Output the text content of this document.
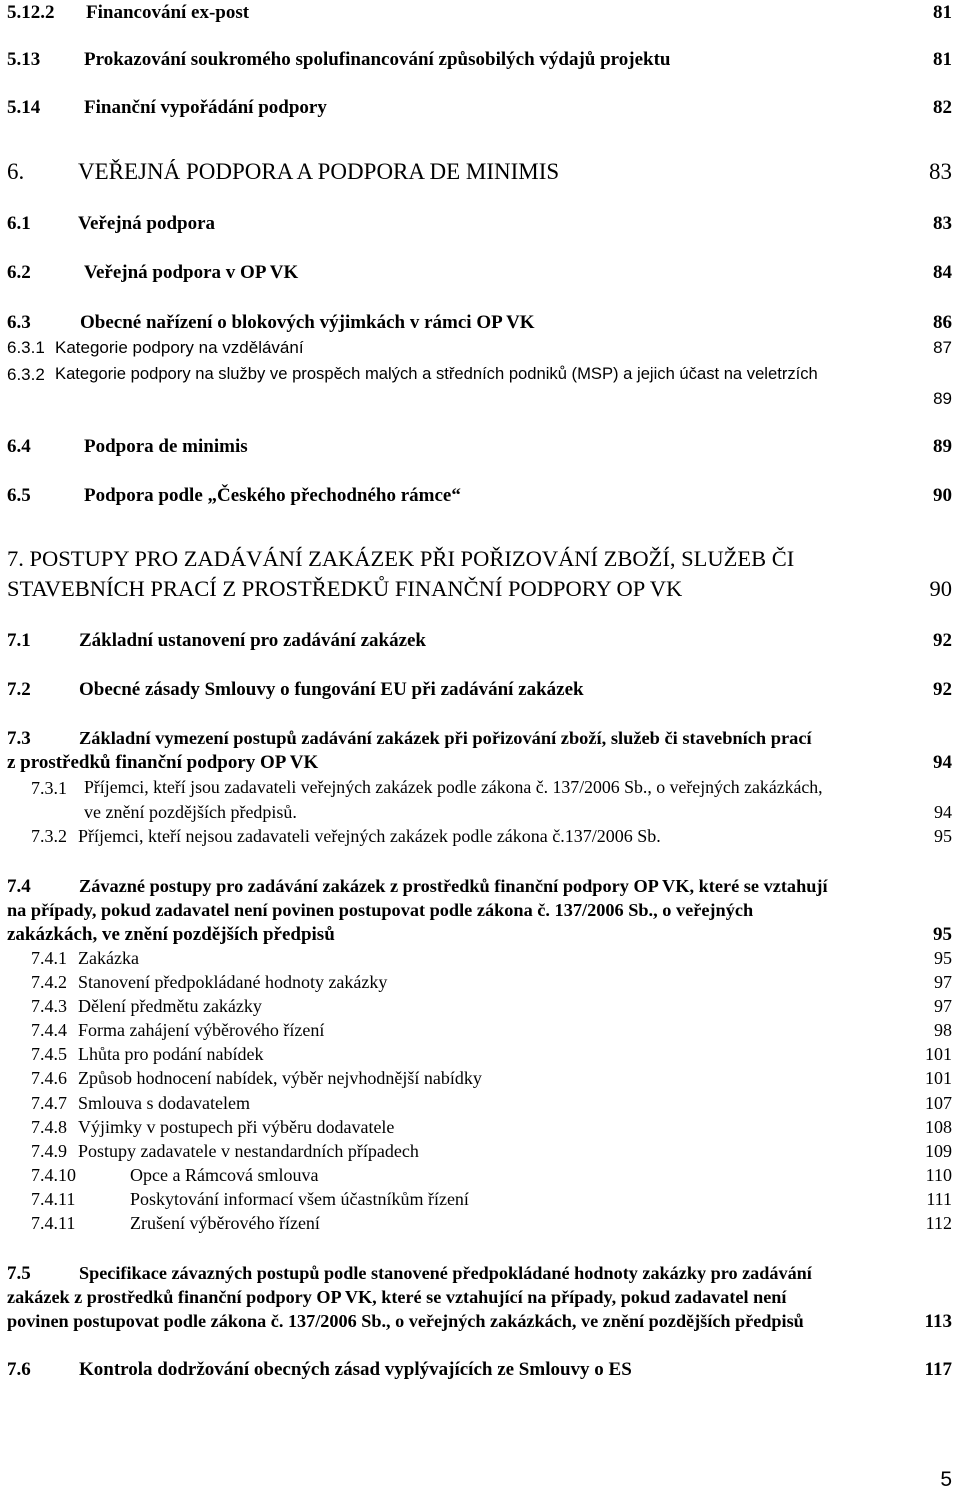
5.12.2 Financování ex-post	81
5.13 Prokazování soukromého spolufinancování způsobilých výdajů projektu	81
5.14 Finanční vypořádání podpory	82
6. VEŘEJNÁ PODPORA A PODPORA DE MINIMIS	83
6.1 Veřejná podpora	83
6.2	Veřejná podpora v OP VK	84
6.3	Obecné nařízení o blokových výjimkách v rámci OP VK	86
6.3.1 Kategorie podpory na vzdělávání	87
6.3.2 Kategorie podpory na služby ve prospěch malých a středních podniků (MSP) a jejich účast na veletrzích
89
6.4	Podpora de minimis	89
6.5	Podpora podle „Českého přechodného rámce“	90
7. POSTUPY PRO ZADÁVÁNÍ ZAKÁZEK PŘI POŘIZOVÁNÍ ZBOŽÍ, SLUŽEB ČI
STAVEBNÍCH PRACÍ Z PROSTŘEDKŮ FINANČNÍ PODPORY OP VK	90
7.1	Základní ustanovení pro zadávání zakázek	92
7.2	Obecné zásady Smlouvy o fungování EU při zadávání zakázek	92
7.3	Základní vymezení postupů zadávání zakázek při pořizování zboží, služeb či stavebních prací
z prostředků finanční podpory OP VK	94
7.3.1 Příjemci, kteří jsou zadavateli veřejných zakázek podle zákona č. 137/2006 Sb., o veřejných zakázkách,
ve znění pozdějších předpisů.	94
7.3.2 Příjemci, kteří nejsou zadavateli veřejných zakázek podle zákona č.137/2006 Sb.	95
7.4	Závazné postupy pro zadávání zakázek z prostředků finanční podpory OP VK, které se vztahují
na případy, pokud zadavatel není povinen postupovat podle zákona č. 137/2006 Sb., o veřejných
zakázkách, ve znění pozdějších předpisů	95
7.4.1 Zakázka	95
7.4.2 Stanovení předpokládané hodnoty zakázky	97
7.4.3 Dělení předmětu zakázky	97
7.4.4 Forma zahájení výběrového řízení	98
7.4.5 Lhůta pro podání nabídek	101
7.4.6 Způsob hodnocení nabídek, výběr nejvhodnější nabídky	101
7.4.7 Smlouva s dodavatelem	107
7.4.8 Výjimky v postupech při výběru dodavatele	108
7.4.9 Postupy zadavatele v nestandardních případech	109
7.4.10	Opce a Rámcová smlouva	110
7.4.11	Poskytování informací všem účastníkům řízení	111
7.4.11	Zrušení výběrového řízení	112
7.5	Specifikace závazných postupů podle stanovené předpokládané hodnoty zakázky pro zadávání
zakázek z prostředků finanční podpory OP VK, které se vztahující na případy, pokud zadavatel není
povinen postupovat podle zákona č. 137/2006 Sb., o veřejných zakázkách, ve znění pozdějších předpisů	113
7.6	Kontrola dodržování obecných zásad vyplývajících ze Smlouvy o ES	117
5
